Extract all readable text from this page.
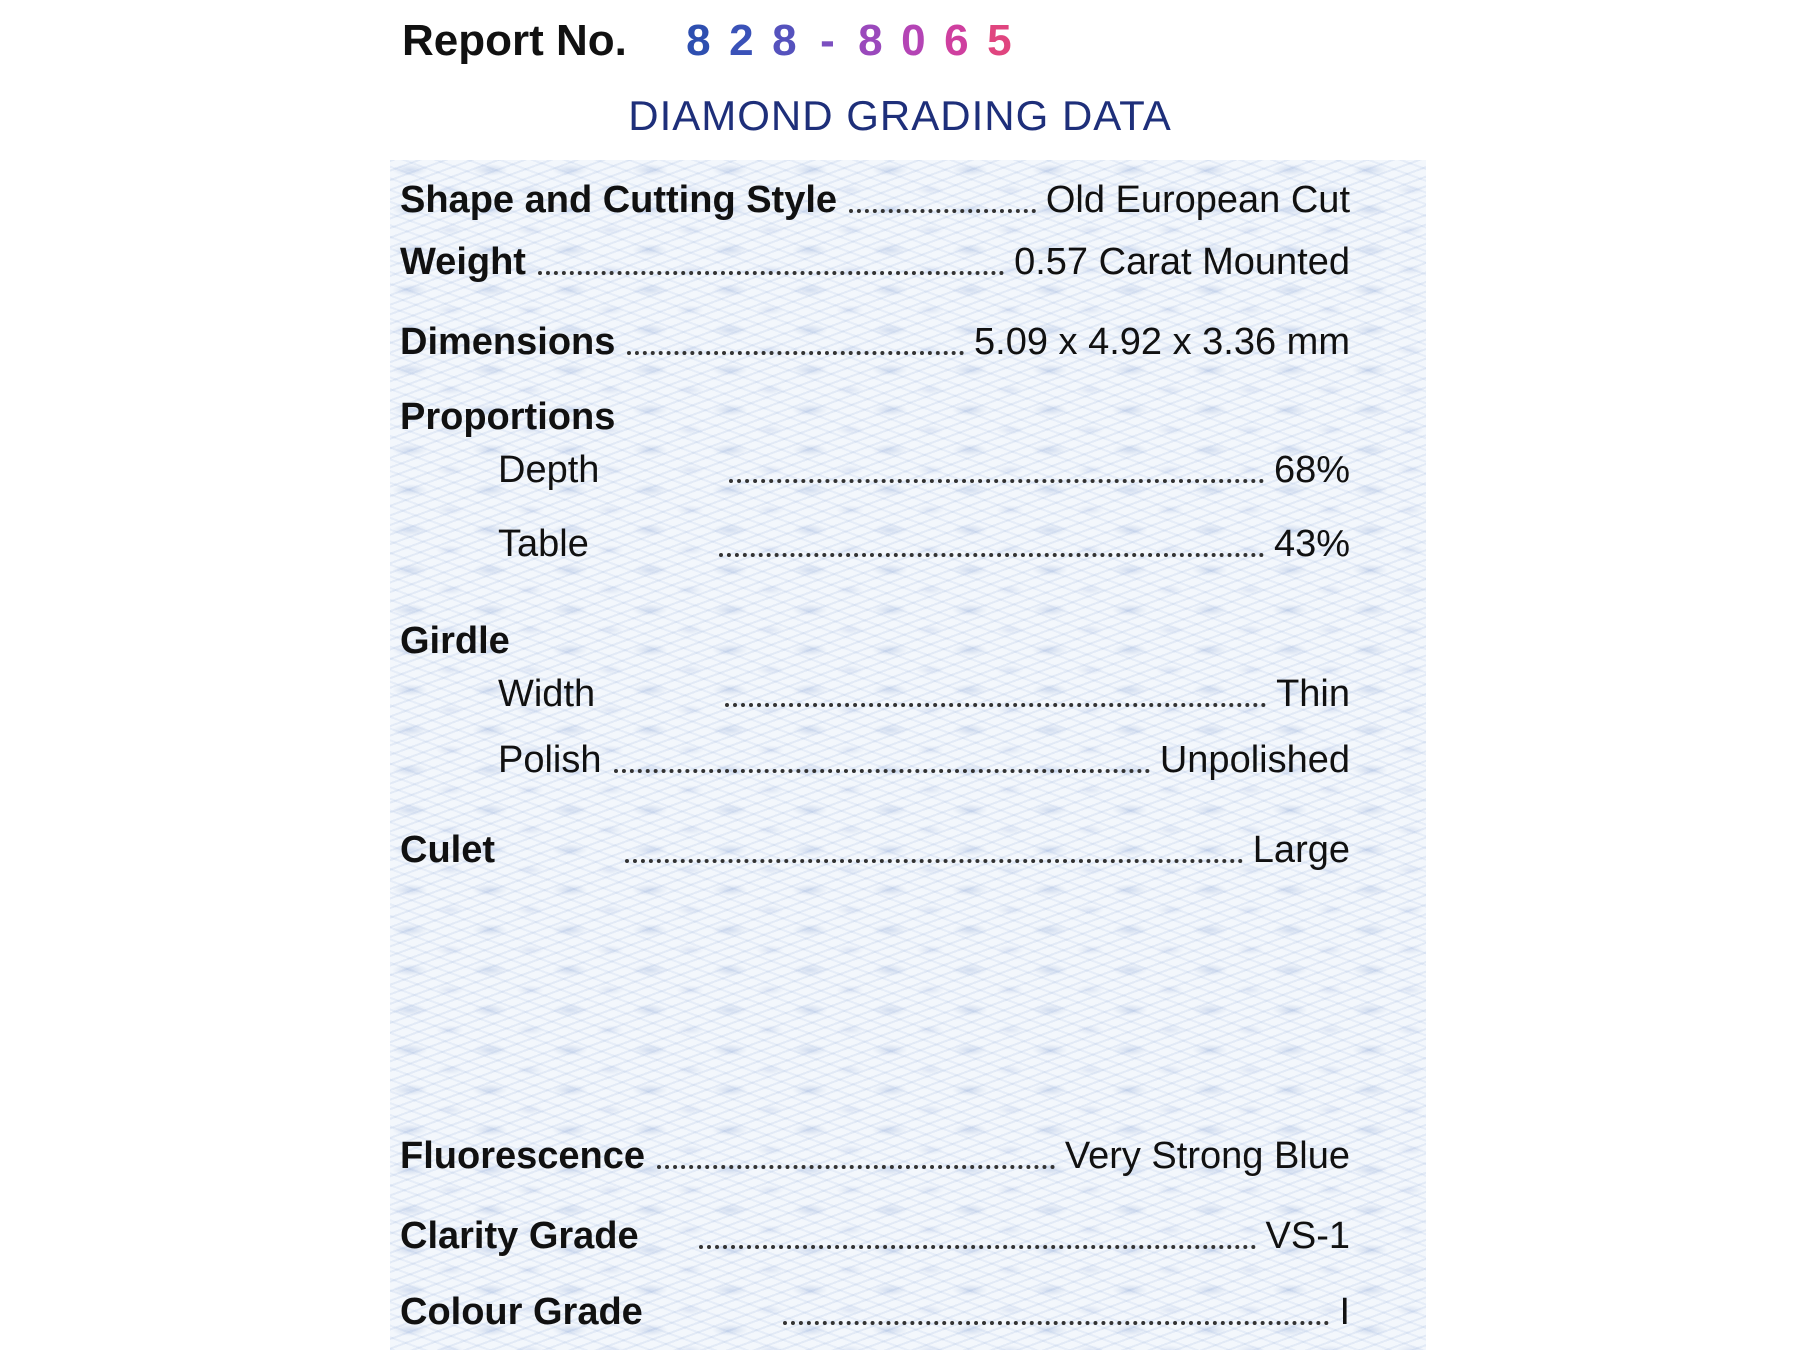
Report No. 8 2 8 - 8 0 6 5
DIAMOND GRADING DATA
Shape and Cutting Style	Old European Cut
Weight	0.57 Carat Mounted
Dimensions	5.09 x 4.92 x 3.36 mm
Proportions
Depth	68%
Table	43%
Girdle
Width	Thin
Polish	Unpolished
Culet	Large
Fluorescence	Very Strong Blue
Clarity Grade	VS-1
Colour Grade	I
